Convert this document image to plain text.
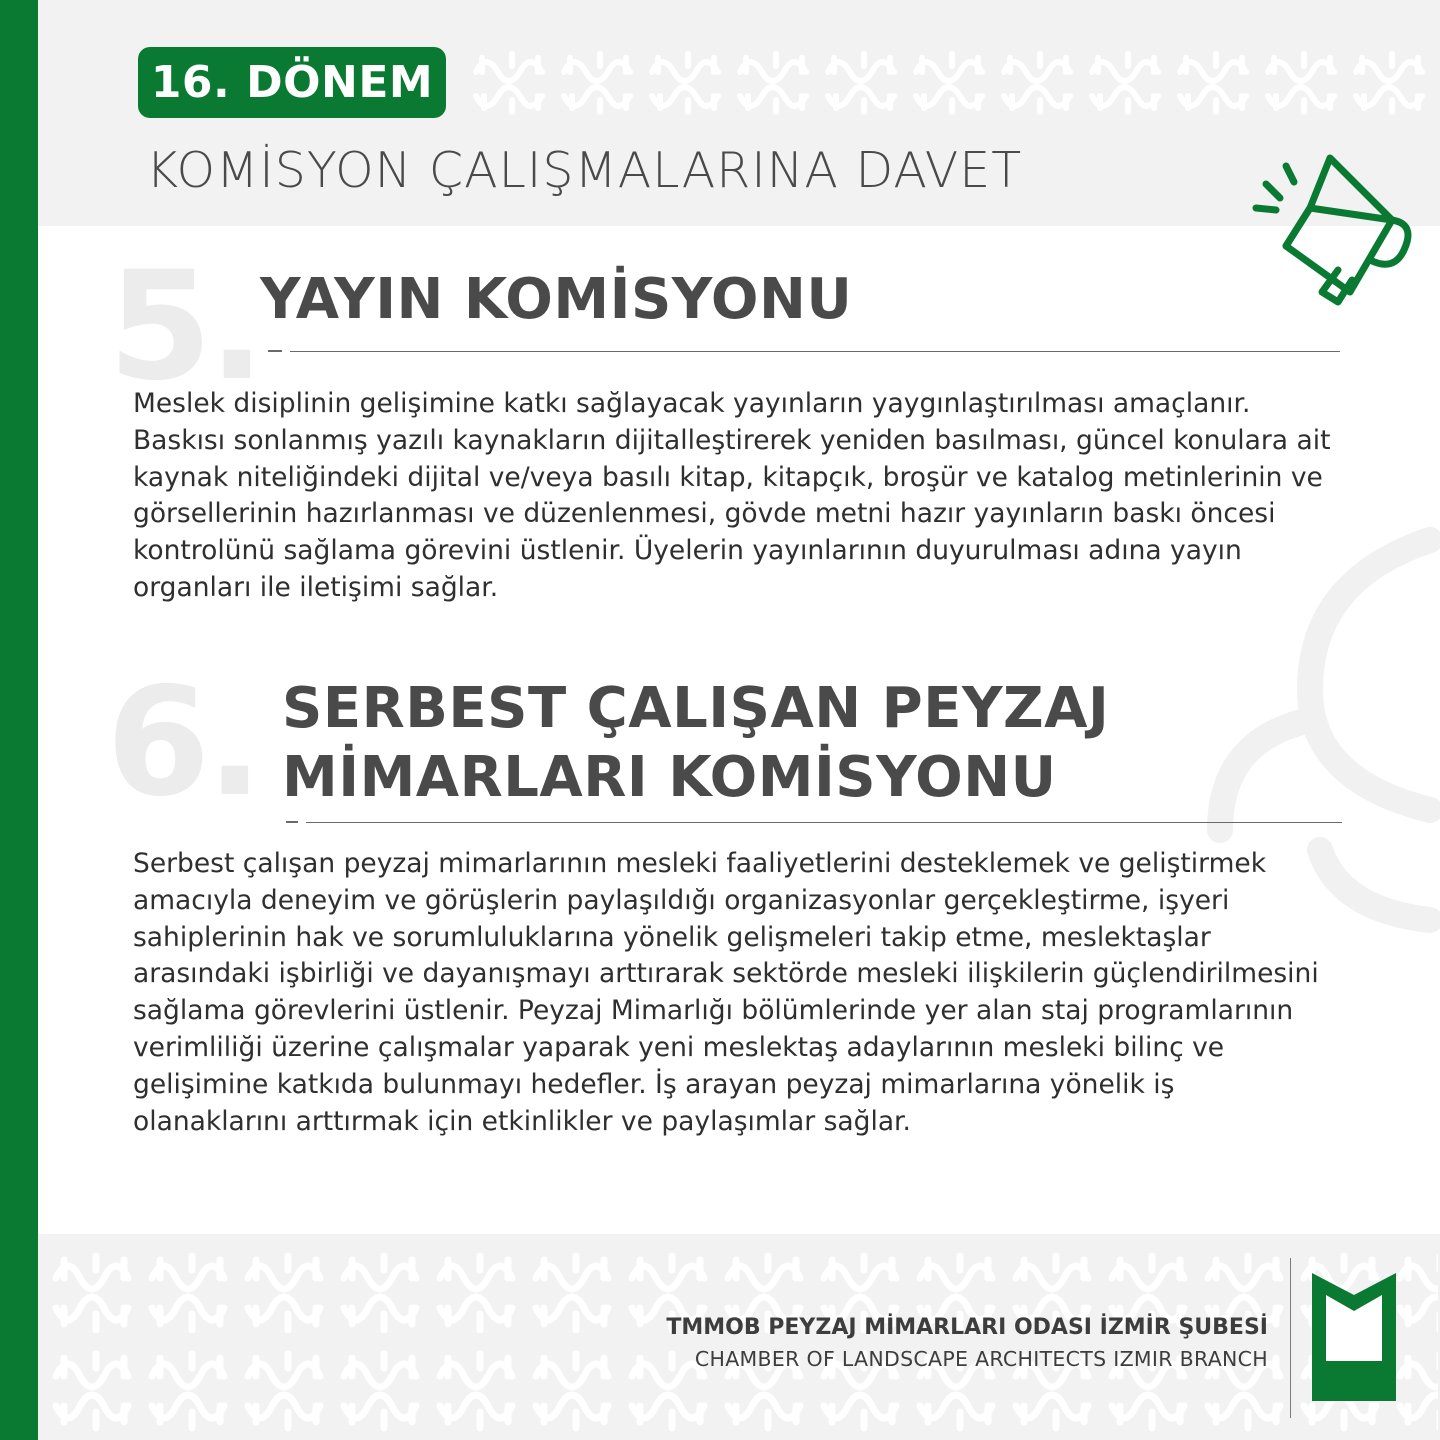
16. DÖNEM
KOMİSYON ÇALIŞMALARINA DAVET
5.
YAYIN KOMİSYONU
Meslek disiplinin gelişimine katkı sağlayacak yayınların yaygınlaştırılması amaçlanır. Baskısı sonlanmış yazılı kaynakların dijitalleştirerek yeniden basılması, güncel konulara ait kaynak niteliğindeki dijital ve/veya basılı kitap, kitapçık, broşür ve katalog metinlerinin ve görsellerinin hazırlanması ve düzenlenmesi, gövde metni hazır yayınların baskı öncesi kontrolünü sağlama görevini üstlenir. Üyelerin yayınlarının duyurulması adına yayın organları ile iletişimi sağlar.
6. SERBEST ÇALIŞAN PEYZAJ
MİMARLARI KOMİSYONU
Serbest çalışan peyzaj mimarlarının mesleki faaliyetlerini desteklemek ve geliştirmek amacıyla deneyim ve görüşlerin paylaşıldığı organizasyonlar gerçekleştirme, işyeri sahiplerinin hak ve sorumluluklarına yönelik gelişmeleri takip etme, meslektaşlar arasındaki işbirliği ve dayanışmayı arttırarak sektörde mesleki ilişkilerin güçlendirilmesini sağlama görevlerini üstlenir. Peyzaj Mimarlığı bölümlerinde yer alan staj programlarının verimliliği üzerine çalışmalar yaparak yeni meslektaş adaylarının mesleki bilinç ve gelişimine katkıda bulunmayı hedefler. İş arayan peyzaj mimarlarına yönelik iş olanaklarını arttırmak için etkinlikler ve paylaşımlar sağlar.
TMMOB PEYZAJ MİMARLARI ODASI İZMİR ŞUBESİ
CHAMBER OF LANDSCAPE ARCHITECTS IZMIR BRANCH
